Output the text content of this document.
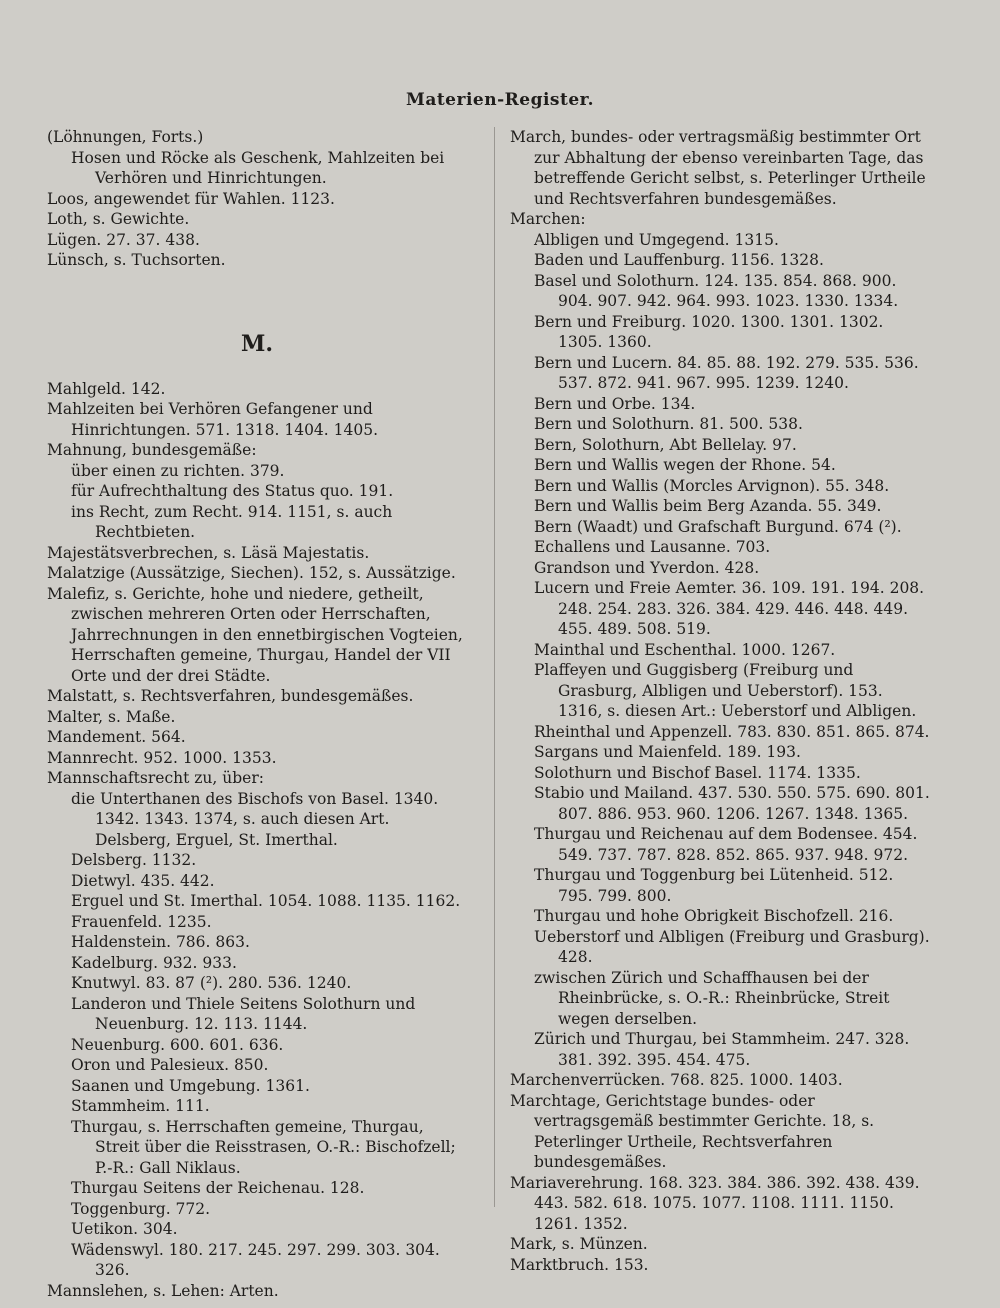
Materien-Register.
(Löhnungen, Forts.)
Hosen und Röcke als Geschenk, Mahlzeiten bei Verhören und Hinrichtungen.
Loos, angewendet für Wahlen. 1123.
Loth, s. Gewichte.
Lügen. 27. 37. 438.
Lünsch, s. Tuchsorten.
M.
Mahlgeld. 142.
Mahlzeiten bei Verhören Gefangener und Hinrichtungen. 571. 1318. 1404. 1405.
Mahnung, bundesgemäße:
über einen zu richten. 379.
für Aufrechthaltung des Status quo. 191.
ins Recht, zum Recht. 914. 1151, s. auch Rechtbieten.
Majestätsverbrechen, s. Läsä Majestatis.
Malatzige (Aussätzige, Siechen). 152, s. Aussätzige.
Malefiz, s. Gerichte, hohe und niedere, getheilt, zwischen mehreren Orten oder Herrschaften, Jahrrechnungen in den ennetbirgischen Vogteien, Herrschaften gemeine, Thurgau, Handel der VII Orte und der drei Städte.
Malstatt, s. Rechtsverfahren, bundesgemäßes.
Malter, s. Maße.
Mandement. 564.
Mannrecht. 952. 1000. 1353.
Mannschaftsrecht zu, über:
die Unterthanen des Bischofs von Basel. 1340. 1342. 1343. 1374, s. auch diesen Art. Delsberg, Erguel, St. Imerthal.
Delsberg. 1132.
Dietwyl. 435. 442.
Erguel und St. Imerthal. 1054. 1088. 1135. 1162.
Frauenfeld. 1235.
Haldenstein. 786. 863.
Kadelburg. 932. 933.
Knutwyl. 83. 87 (²). 280. 536. 1240.
Landeron und Thiele Seitens Solothurn und Neuenburg. 12. 113. 1144.
Neuenburg. 600. 601. 636.
Oron und Palesieux. 850.
Saanen und Umgebung. 1361.
Stammheim. 111.
Thurgau, s. Herrschaften gemeine, Thurgau, Streit über die Reisstrasen, O.-R.: Bischofzell; P.-R.: Gall Niklaus.
Thurgau Seitens der Reichenau. 128.
Toggenburg. 772.
Uetikon. 304.
Wädenswyl. 180. 217. 245. 297. 299. 303. 304. 326.
Mannslehen, s. Lehen: Arten.
March, bundes- oder vertragsmäßig bestimmter Ort zur Abhaltung der ebenso vereinbarten Tage, das betreffende Gericht selbst, s. Peterlinger Urtheile und Rechtsverfahren bundesgemäßes.
Marchen:
Albligen und Umgegend. 1315.
Baden und Lauffenburg. 1156. 1328.
Basel und Solothurn. 124. 135. 854. 868. 900. 904. 907. 942. 964. 993. 1023. 1330. 1334.
Bern und Freiburg. 1020. 1300. 1301. 1302. 1305. 1360.
Bern und Lucern. 84. 85. 88. 192. 279. 535. 536. 537. 872. 941. 967. 995. 1239. 1240.
Bern und Orbe. 134.
Bern und Solothurn. 81. 500. 538.
Bern, Solothurn, Abt Bellelay. 97.
Bern und Wallis wegen der Rhone. 54.
Bern und Wallis (Morcles Arvignon). 55. 348.
Bern und Wallis beim Berg Azanda. 55. 349.
Bern (Waadt) und Grafschaft Burgund. 674 (²).
Echallens und Lausanne. 703.
Grandson und Yverdon. 428.
Lucern und Freie Aemter. 36. 109. 191. 194. 208. 248. 254. 283. 326. 384. 429. 446. 448. 449. 455. 489. 508. 519.
Mainthal und Eschenthal. 1000. 1267.
Plaffeyen und Guggisberg (Freiburg und Grasburg, Albligen und Ueberstorf). 153. 1316, s. diesen Art.: Ueberstorf und Albligen.
Rheinthal und Appenzell. 783. 830. 851. 865. 874.
Sargans und Maienfeld. 189. 193.
Solothurn und Bischof Basel. 1174. 1335.
Stabio und Mailand. 437. 530. 550. 575. 690. 801. 807. 886. 953. 960. 1206. 1267. 1348. 1365.
Thurgau und Reichenau auf dem Bodensee. 454. 549. 737. 787. 828. 852. 865. 937. 948. 972.
Thurgau und Toggenburg bei Lütenheid. 512. 795. 799. 800.
Thurgau und hohe Obrigkeit Bischofzell. 216.
Ueberstorf und Albligen (Freiburg und Grasburg). 428.
zwischen Zürich und Schaffhausen bei der Rheinbrücke, s. O.-R.: Rheinbrücke, Streit wegen derselben.
Zürich und Thurgau, bei Stammheim. 247. 328. 381. 392. 395. 454. 475.
Marchenverrücken. 768. 825. 1000. 1403.
Marchtage, Gerichtstage bundes- oder vertragsgemäß bestimmter Gerichte. 18, s. Peterlinger Urtheile, Rechtsverfahren bundesgemäßes.
Mariaverehrung. 168. 323. 384. 386. 392. 438. 439. 443. 582. 618. 1075. 1077. 1108. 1111. 1150. 1261. 1352.
Mark, s. Münzen.
Marktbruch. 153.
